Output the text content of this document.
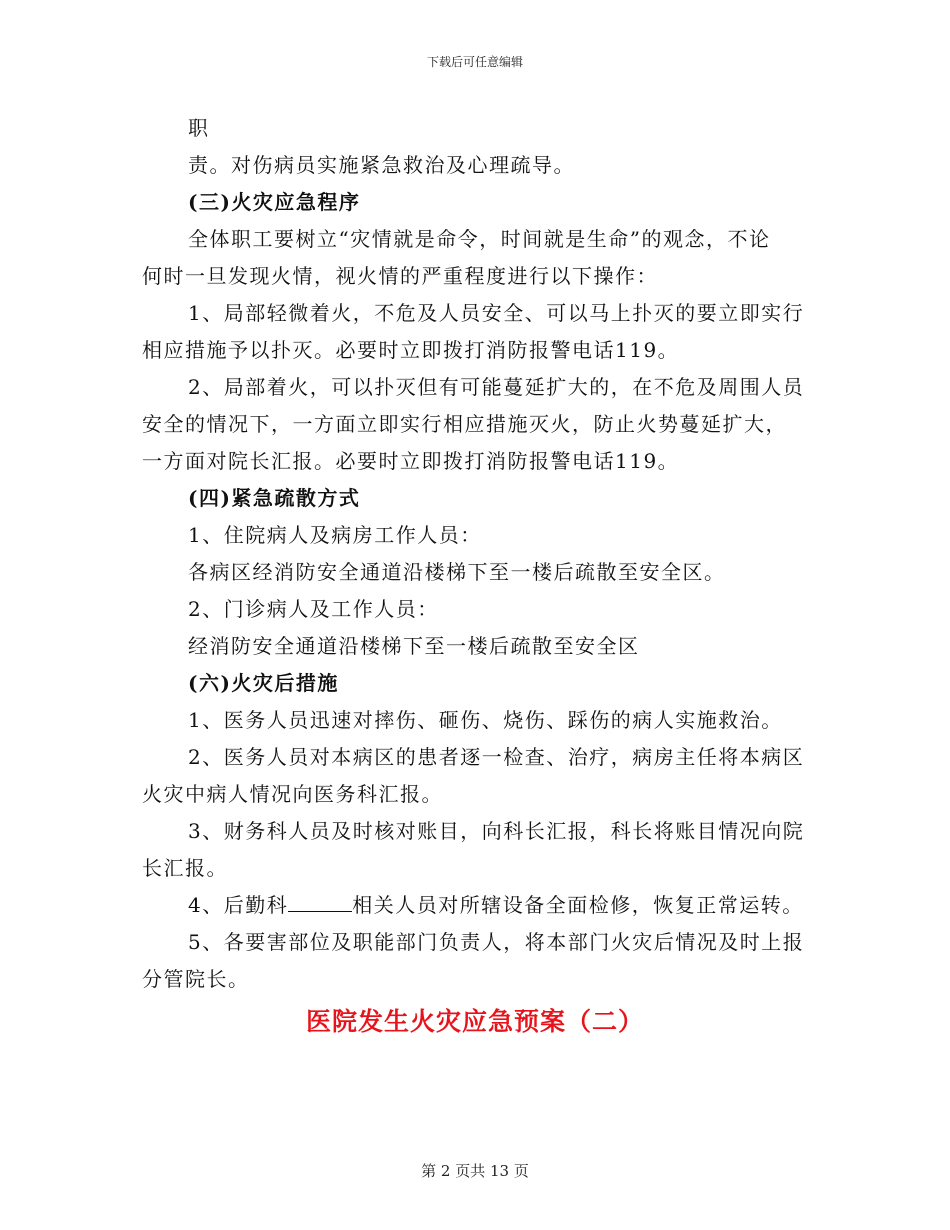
下载后可任意编辑
职
责。对伤病员实施紧急救治及心理疏导。
(三)火灾应急程序
全体职工要树立“灾情就是命令，时间就是生命”的观念，不论
何时一旦发现火情，视火情的严重程度进行以下操作：
1、局部轻微着火，不危及人员安全、可以马上扑灭的要立即实行
相应措施予以扑灭。必要时立即拨打消防报警电话119。
2、局部着火，可以扑灭但有可能蔓延扩大的，在不危及周围人员
安全的情况下，一方面立即实行相应措施灭火，防止火势蔓延扩大，
一方面对院长汇报。必要时立即拨打消防报警电话119。
(四)紧急疏散方式
1、住院病人及病房工作人员：
各病区经消防安全通道沿楼梯下至一楼后疏散至安全区。
2、门诊病人及工作人员：
经消防安全通道沿楼梯下至一楼后疏散至安全区
(六)火灾后措施
1、医务人员迅速对摔伤、砸伤、烧伤、踩伤的病人实施救治。
2、医务人员对本病区的患者逐一检查、治疗，病房主任将本病区
火灾中病人情况向医务科汇报。
3、财务科人员及时核对账目，向科长汇报，科长将账目情况向院
长汇报。
4、后勤科	相关人员对所辖设备全面检修，恢复正常运转。
5、各要害部位及职能部门负责人，将本部门火灾后情况及时上报
分管院长。
医院发生火灾应急预案（二）
第 2 页共 13 页
